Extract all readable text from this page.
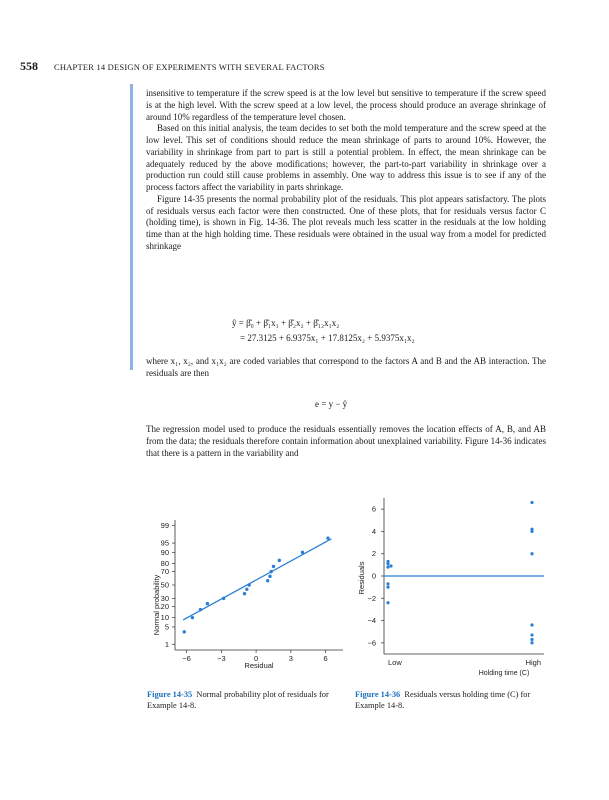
558 CHAPTER 14 DESIGN OF EXPERIMENTS WITH SEVERAL FACTORS

insensitive to temperature if the screw speed is at the low level but sensitive to temperature if the screw speed is at the high level. With the screw speed at a low level, the process should produce an average shrinkage of around 10% regardless of the temperature level chosen.

Based on this initial analysis, the team decides to set both the mold temperature and the screw speed at the low level. This set of conditions should reduce the mean shrinkage of parts to around 10%. However, the variability in shrinkage from part to part is still a potential problem. In effect, the mean shrinkage can be adequately reduced by the above modifications; however, the part-to-part variability in shrinkage over a production run could still cause problems in assembly. One way to address this issue is to see if any of the process factors affect the variability in parts shrinkage.

Figure 14-35 presents the normal probability plot of the residuals. This plot appears satisfactory. The plots of residuals versus each factor were then constructed. One of these plots, that for residuals versus factor C (holding time), is shown in Fig. 14-36. The plot reveals much less scatter in the residuals at the low holding time than at the high holding time. These residuals were obtained in the usual way from a model for predicted shrinkage

ŷ = β̂₀ + β̂₁x₁ + β̂₂x₂ + β̂₁₂x₁x₂
= 27.3125 + 6.9375x₁ + 17.8125x₂ + 5.9375x₁x₂

where x₁, x₂, and x₁x₂ are coded variables that correspond to the factors A and B and the AB interaction. The residuals are then

e = y − ŷ

The regression model used to produce the residuals essentially removes the location effects of A, B, and AB from the data; the residuals therefore contain information about unexplained variability. Figure 14-36 indicates that there is a pattern in the variability and

Normal probability
Residual
1
5
10
20
30
50
70
80
90
95
99
−6	−3	0	3	6
Residuals
−6
−4
−2
0
2
4
6
Low	High
Holding time (C)
Figure 14-35 Normal probability plot of residuals for Example 14-8.
Figure 14-36 Residuals versus holding time (C) for Example 14-8.
